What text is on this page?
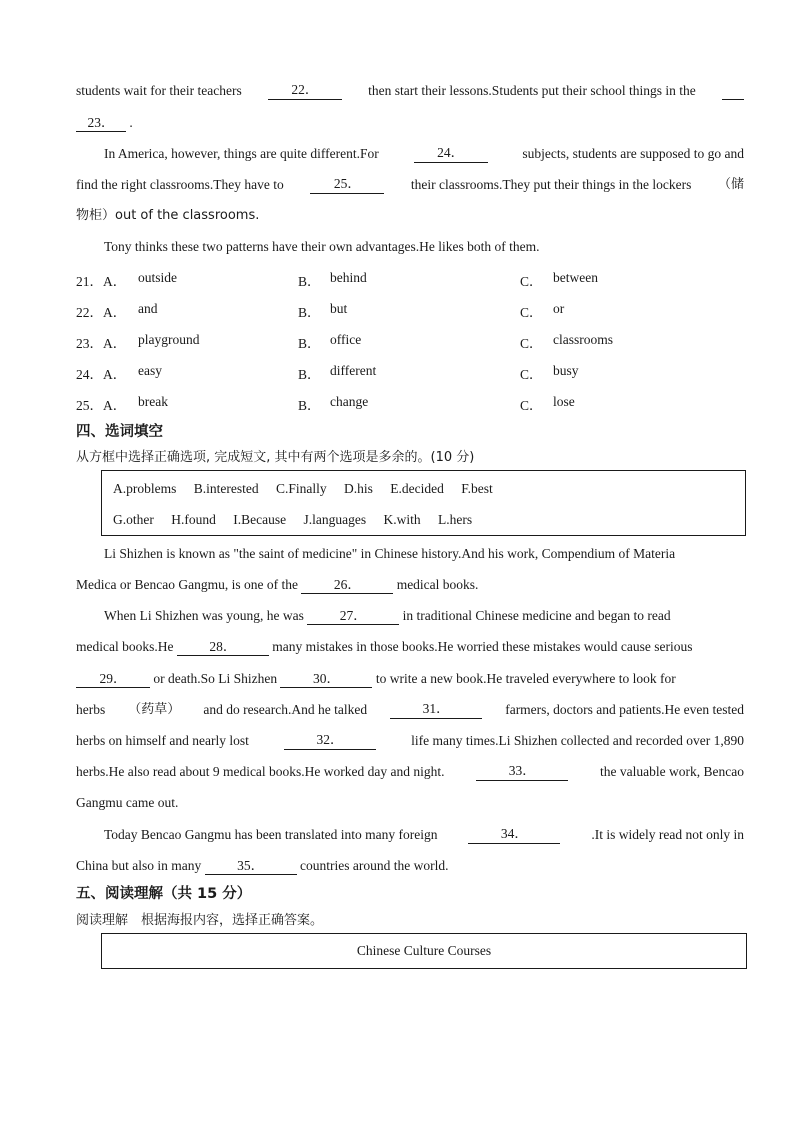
students wait for their teachers	22．	then start their lessons.Students put their school things in the

23． .
In America, however, things are quite different.For	24．	subjects, students are supposed to go and
find the right classrooms.They have to	25．	their classrooms.They put their things in the lockers （储
物柜）out of the classrooms.
Tony thinks these two patterns have their own advantages.He likes both of them.
21．A． outside	B． behind	C． between
22．A． and	B． but	C． or
23．A． playground	B． office	C． classrooms
24．A． easy	B． different	C． busy
25．A． break	B． change	C． lose
四、选词填空
从方框中选择正确选项, 完成短文, 其中有两个选项是多余的。(10 分)
A.problems B.interested C.Finally D.his E.decided F.best
G.other H.found I.Because J.languages K.with L.hers
Li Shizhen is known as "the saint of medicine" in Chinese history.And his work, Compendium of Materia
Medica or Bencao Gangmu, is one of the	26．	medical books.
When Li Shizhen was young, he was	27．	in traditional Chinese medicine and began to read
medical books.He	28．	many mistakes in those books.He worried these mistakes would cause serious
29． or death.So Li Shizhen	30．	to write a new book.He traveled everywhere to look for
herbs （药草） and do research.And he talked	31．	farmers, doctors and patients.He even tested
herbs on himself and nearly lost	32．	life many times.Li Shizhen collected and recorded over 1,890
herbs.He also read about 9 medical books.He worked day and night.	33．	the valuable work, Bencao
Gangmu came out.
Today Bencao Gangmu has been translated into many foreign	34．	.It is widely read not only in
China but also in many	35．	countries around the world.
五、阅读理解（共 15 分）
阅读理解　根据海报内容，选择正确答案。
Chinese Culture Courses
